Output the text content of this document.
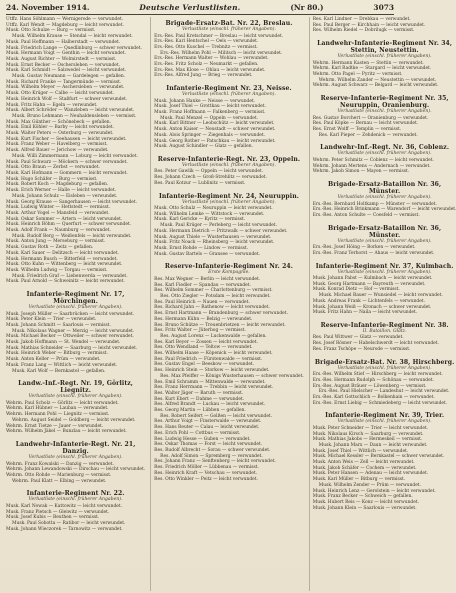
24. November 1914.	Deutsche Verlustlisten.	(Nr 80.)	3073
Utffz. Hans Söhlmann — Wernigerode — verwundet.
Utffz. Karl Wendt — Magdeburg — leicht verwundet.
Musk. Otto Schulze — Burg — vermisst.
Musk. Wilhelm Krause — Stendal — leicht verwundet.
Musk. Paul Hoffmann — Halberstadt — verwundet.
Musk. Friedrich Lange — Quedlinburg — schwer verwundet.
Musk. Hermann Voigt — Genthin — leicht verwundet.
Musk. August Richter — Wolmirstedt — vermisst.
Musk. Ernst Becker — Oschersleben — verwundet.
Musk. Karl Schmidt — Salzwedel — leicht verwundet.
Musk. Gustav Neumann — Gardelegen — gefallen.
Musk. Richard Franke — Tangermünde — vermisst.
Musk. Wilhelm Meyer — Aschersleben — verwundet.
Musk. Otto Krüger — Calbe — leicht verwundet.
Musk. Heinrich Wolf — Staßfurt — schwer verwundet.
Musk. Fritz Hahn — Egeln — verwundet.
Musk. Albert Schröder — Wanzleben — leicht verwundet.
Musk. Bruno Lehmann — Neuhaldensleben — vermisst.
Musk. Max Günther — Schönebeck — gefallen.
Musk. Emil Köhler — Barby — leicht verwundet.
Musk. Walter Peters — Osterburg — verwundet.
Musk. Kurt Fischer — Seehausen — leicht verwundet.
Musk. Franz Weber — Havelberg — vermisst.
Musk. Alfred Bauer — Jerichow — verwundet.
Musk. Willi Zimmermann — Loburg — leicht verwundet.
Musk. Paul Schwarz — Möckern — schwer verwundet.
Musk. Otto Braun — Zerbst — verwundet.
Musk. Karl Hofmann — Gommern — leicht verwundet.
Musk. Hugo Schäfer — Burg — vermisst.
Musk. Robert Koch — Magdeburg — gefallen.
Musk. Erich Werner — Halle — leicht verwundet.
Musk. Johann Schulz — Eisleben — verwundet.
Musk. Georg Krause — Sangerhausen — leicht verwundet.
Musk. Ludwig Winter — Hettstedt — vermisst.
Musk. Arthur Vogel — Mansfeld — verwundet.
Musk. Oskar Sommer — Artern — leicht verwundet.
Musk. Heinrich Böhm — Querfurt — schwer verwundet.
Musk. Adolf Frank — Naumburg — verwundet.
Musk. Rudolf Berg — Weißenfels — leicht verwundet.
Musk. Anton Jung — Merseburg — vermisst.
Musk. Gustav Roth — Zeitz — gefallen.
Musk. Karl Sauer — Delitzsch — leicht verwundet.
Musk. Hermann Busch — Bitterfeld — verwundet.
Musk. Otto Kuhn — Wittenberg — leicht verwundet.
Musk. Wilhelm Ludwig — Torgau — vermisst.
Musk. Friedrich Graf — Liebenwerda — verwundet.
Musk. Paul Arnold — Schweinitz — leicht verwundet.
Infanterie-Regiment Nr. 17, Mörchingen.
Verlustliste (einschl. früherer Angaben).
Musk. Joseph Müller — Saarbrücken — leicht verwundet.
Musk. Peter Klein — Trier — verwundet.
Musk. Johann Schmitt — Saarlouis — vermisst.
Musk. Nikolaus Wagner — Merzig — leicht verwundet.
Musk. Michael Becker — Ottweiler — schwer verwundet.
Musk. Jakob Hoffmann — St. Wendel — verwundet.
Musk. Mathias Schneider — Saarburg — leicht verwundet.
Musk. Heinrich Weber — Bitburg — vermisst.
Musk. Anton Keller — Prüm — verwundet.
Musk. Franz Lang — Wittlich — leicht verwundet.
Musk. Karl Wolf — Bernkastel — gefallen.
Landw.-Inf.-Regt. Nr. 19, Görlitz, Liegnitz.
Verlustliste (einschl. früherer Angaben).
Wehrm. Paul Scholz — Görlitz — leicht verwundet.
Wehrm. Karl Hübner — Lauban — verwundet.
Wehrm. Hermann Pohl — Liegnitz — vermisst.
Wehrm. August Seidel — Goldberg — leicht verwundet.
Wehrm. Ernst Tietze — Jauer — verwundet.
Wehrm. Wilhelm Jäkel — Bunzlau — leicht verwundet.
Landwehr-Infanterie-Regt. Nr. 21, Danzig.
Verlustliste (einschl. früherer Angaben).
Wehrm. Franz Kowalski — Danzig — verwundet.
Wehrm. Johann Lewandowski — Dirschau — leicht verwundet.
Wehrm. Otto Rohde — Marienburg — vermisst.
Wehrm. Paul Klatt — Elbing — verwundet.
Infanterie-Regiment Nr. 22.
Verlustliste (einschl. früherer Angaben).
Musk. Karl Nowak — Kattowitz — leicht verwundet.
Musk. Franz Pietsch — Gleiwitz — verwundet.
Musk. Josef Kubis — Beuthen — vermisst.
Musk. Paul Sobotta — Ratibor — leicht verwundet.
Musk. Johann Wieczorek — Tarnowitz — verwundet.
Brigade-Ersatz-Bat. Nr. 22, Breslau.
Verlustliste (einschl. früherer Angaben).
Ers.-Res. Paul Kretschmer — Breslau — leicht verwundet.
Ers.-Res. Karl Hentschel — Oels — verwundet.
Ers.-Res. Otto Kuschel — Trebnitz — vermisst.
Ers.-Res. Wilhelm Pohl — Militsch — leicht verwundet.
Ers.-Res. Hermann Walter — Wohlau — verwundet.
Ers.-Res. Fritz Scholz — Neumarkt — gefallen.
Ers.-Res. Max Klose — Ohlau — leicht verwundet.
Ers.-Res. Alfred Jung — Brieg — verwundet.
Infanterie-Regiment Nr. 23, Neisse.
Verlustliste (einschl. früherer Angaben).
Musk. Johann Hanke — Neisse — verwundet.
Musk. Josef Thiel — Grottkau — leicht verwundet.
Musk. Franz Hoffmann — Falkenberg — vermisst.
Musk. Paul Menzel — Oppeln — verwundet.
Musk. Karl Bittner — Leobschütz — leicht verwundet.
Musk. Anton Kaiser — Neustadt — schwer verwundet.
Musk. Alois Springer — Ziegenhals — verwundet.
Musk. Georg Rother — Patschkau — leicht verwundet.
Musk. August Schindler — Glatz — gefallen.
Reserve-Infanterie-Regt. Nr. 23, Oppeln.
Verlustliste (einschl. früherer Angaben).
Res. Peter Gawlik — Oppeln — leicht verwundet.
Res. Johann Czech — Groß-Strehlitz — verwundet.
Res. Paul Kotzur — Lublinitz — vermisst.
Infanterie-Regiment Nr. 24, Neuruppin.
Verlustliste (einschl. früherer Angaben).
Musk. Otto Schulz — Neuruppin — leicht verwundet.
Musk. Wilhelm Lemke — Wittstock — verwundet.
Musk. Karl Gericke — Kyritz — vermisst.
Musk. Paul Krüger — Perleberg — leicht verwundet.
Musk. Hermann Dietrich — Pritzwalk — schwer verwundet.
Musk. August Thiele — Wusterhausen — verwundet.
Musk. Fritz Noack — Rheinsberg — leicht verwundet.
Musk. Ernst Rohde — Lindow — vermisst.
Musk. Gustav Bartels — Gransee — verwundet.
Reserve-Infanterie-Regiment Nr. 24.
Erste Kompagnie.
Res. Max Wegner — Berlin — leicht verwundet.
Res. Karl Fiedler — Spandau — verwundet.
Res. Wilhelm Sommer — Charlottenburg — vermisst.
Res. Otto Ziegler — Potsdam — leicht verwundet.
Res. Paul Heinrich — Nauen — verwundet.
Res. Richard Jahn — Rathenow — leicht verwundet.
Res. Ernst Hartmann — Brandenburg — schwer verwundet.
Res. Hermann Kühn — Belzig — verwundet.
Res. Bruno Schütze — Treuenbrietzen — leicht verwundet.
Res. Fritz Walter — Jüterbog — vermisst.
Res. August Lorenz — Luckenwalde — gefallen.
Res. Karl Beyer — Zossen — leicht verwundet.
Res. Otto Wendland — Teltow — verwundet.
Res. Wilhelm Haase — Köpenick — leicht verwundet.
Res. Paul Friedrich — Fürstenwalde — vermisst.
Res. Gustav Engel — Beeskow — verwundet.
Res. Heinrich Stein — Storkow — leicht verwundet.
Res. Max Pfeiffer — Königs Wusterhausen — schwer verwundet.
Res. Emil Schramm — Mittenwalde — verwundet.
Res. Franz Herrmann — Trebbin — leicht verwundet.
Res. Walter Jäger — Baruth — vermisst.
Res. Kurt Ebert — Dahme — verwundet.
Res. Alfred Brandt — Luckau — leicht verwundet.
Res. Georg Martin — Lübben — gefallen.
Res. Robert Seifert — Golßen — leicht verwundet.
Res. Arthur Voigt — Finsterwalde — verwundet.
Res. Hans Reuter — Calau — leicht verwundet.
Res. Erich Pohl — Cottbus — vermisst.
Res. Ludwig Hesse — Guben — verwundet.
Res. Oskar Thomas — Forst — leicht verwundet.
Res. Rudolf Albrecht — Sorau — schwer verwundet.
Res. Adolf Simon — Spremberg — verwundet.
Res. Johann Franz — Senftenberg — leicht verwundet.
Res. Friedrich Möller — Lübbenau — vermisst.
Res. Heinrich Kraft — Vetschau — verwundet.
Res. Otto Winkler — Peitz — leicht verwundet.
Res. Karl Lindner — Drebkau — verwundet.
Res. Paul Berger — Kirchhain — leicht verwundet.
Res. Wilhelm Riedel — Dobrilugk — vermisst.
Landwehr-Infanterie-Regiment Nr. 34, Stettin, Neustettin.
Verlustliste (einschl. früherer Angaben).
Wehrm. Hermann Kasten — Stettin — verwundet.
Wehrm. Karl Radtke — Stargard — leicht verwundet.
Wehrm. Otto Pagel — Pyritz — vermisst.
Wehrm. Wilhelm Zander — Neustettin — verwundet.
Wehrm. August Schwarz — Belgard — leicht verwundet.
Reserve-Infanterie-Regiment Nr. 35, Neuruppin, Oranienburg.
Verlustliste (einschl. früherer Angaben).
Res. Gustav Borchert — Oranienburg — verwundet.
Res. Paul Köpke — Bernau — leicht verwundet.
Res. Ernst Wolff — Templin — vermisst.
Res. Karl Pieper — Zehdenick — verwundet.
Landwehr-Inf.-Regt. Nr. 36, Coblenz.
Verlustliste (einschl. früherer Angaben).
Wehrm. Peter Schmitz — Coblenz — leicht verwundet.
Wehrm. Johann Mertens — Andernach — verwundet.
Wehrm. Jakob Simon — Mayen — vermisst.
Brigade-Ersatz-Bataillon Nr. 36, Münster.
Verlustliste (einschl. früherer Angaben).
Ers.-Res. Bernhard Holtkamp — Münster — verwundet.
Ers.-Res. Heinrich Brinkmann — Warendorf — leicht verwundet.
Ers.-Res. Anton Schulte — Coesfeld — vermisst.
Brigade-Ersatz-Bataillon Nr. 36, Münster.
Verlustliste (einschl. früherer Angaben).
Ers.-Res. Josef Höing — Borken — verwundet.
Ers.-Res. Franz Terhorst — Ahaus — leicht verwundet.
Infanterie-Regiment Nr. 37, Kulmbach.
Verlustliste (einschl. früherer Angaben).
Musk. Johann Pabst — Kulmbach — leicht verwundet.
Musk. Georg Hartmann — Bayreuth — verwundet.
Musk. Konrad Dietz — Hof — vermisst.
Musk. Michael Bauer — Wunsiedel — leicht verwundet.
Musk. Andreas Frank — Lichtenfels — verwundet.
Musk. Johann Weiß — Kronach — schwer verwundet.
Musk. Fritz Hahn — Naila — leicht verwundet.
Reserve-Infanterie-Regiment Nr. 38.
II. Bataillon. Glatz.
Res. Paul Wittwer — Glatz — verwundet.
Res. Josef Rösner — Habelschwerdt — leicht verwundet.
Res. Franz Tschöpe — Neurode — vermisst.
Brigade-Ersatz-Bat. Nr. 38, Hirschberg.
Verlustliste (einschl. früherer Angaben).
Ers.-Res. Wilhelm Stief — Hirschberg — leicht verwundet.
Ers.-Res. Hermann Rudolph — Schönau — verwundet.
Ers.-Res. August Bräuer — Löwenberg — vermisst.
Ers.-Res. Paul Hielscher — Landeshut — leicht verwundet.
Ers.-Res. Karl Gottschlich — Bolkenhain — verwundet.
Ers.-Res. Ernst Liebig — Schmiedeberg — leicht verwundet.
Infanterie-Regiment Nr. 39, Trier.
Verlustliste (einschl. früherer Angaben).
Musk. Peter Schneider — Trier — leicht verwundet.
Musk. Nikolaus Kirsch — Saarburg — verwundet.
Musk. Mathias Jakobs — Hermeskeil — vermisst.
Musk. Johann Marx — Daun — leicht verwundet.
Musk. Josef Thiel — Wittlich — verwundet.
Musk. Michael Kessler — Bernkastel — schwer verwundet.
Musk. Anton Weis — Zell — leicht verwundet.
Musk. Jakob Schäfer — Cochem — verwundet.
Musk. Peter Hansen — Adenau — leicht verwundet.
Musk. Karl Müller — Bitburg — vermisst.
Musk. Wilhelm Zender — Prüm — verwundet.
Musk. Heinrich Lenz — Gerolstein — leicht verwundet.
Musk. Franz Becker — Schweich — gefallen.
Musk. Hubert Reis — Konz — leicht verwundet.
Musk. Johann Klein — Saarlouis — verwundet.
